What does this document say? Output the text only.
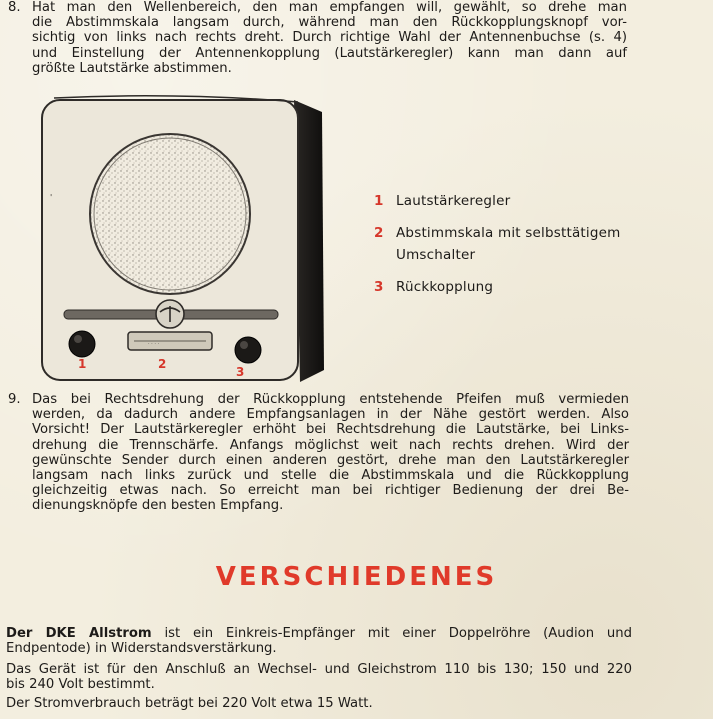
8. Hat man den Wellenbereich, den man empfangen will, gewählt, so drehe man
die Abstimmskala langsam durch, während man den Rückkopplungsknopf vor-
sichtig von links nach rechts dreht. Durch richtige Wahl der Antennenbuchse (s. 4)
und Einstellung der Antennenkopplung (Lautstärkeregler) kann man dann auf
größte Lautstärke abstimmen.
· · · ·
1	2
3
'	1 Lautstärkeregler
2 Abstimmskala mit selbsttätigem Umschalter
3 Rückkopplung
9. Das bei Rechtsdrehung der Rückkopplung entstehende Pfeifen muß vermieden
werden, da dadurch andere Empfangsanlagen in der Nähe gestört werden. Also
Vorsicht! Der Lautstärkeregler erhöht bei Rechtsdrehung die Lautstärke, bei Links-
drehung die Trennschärfe. Anfangs möglichst weit nach rechts drehen. Wird der
gewünschte Sender durch einen anderen gestört, drehe man den Lautstärkeregler
langsam nach links zurück und stelle die Abstimmskala und die Rückkopplung
gleichzeitig etwas nach. So erreicht man bei richtiger Bedienung der drei Be-
dienungsknöpfe den besten Empfang.
VERSCHIEDENES
Der DKE Allstrom ist ein Einkreis-Empfänger mit einer Doppelröhre (Audion und
Endpentode) in Widerstandsverstärkung.
Das Gerät ist für den Anschluß an Wechsel- und Gleichstrom 110 bis 130; 150 und 220
bis 240 Volt bestimmt.
Der Stromverbrauch beträgt bei 220 Volt etwa 15 Watt.
